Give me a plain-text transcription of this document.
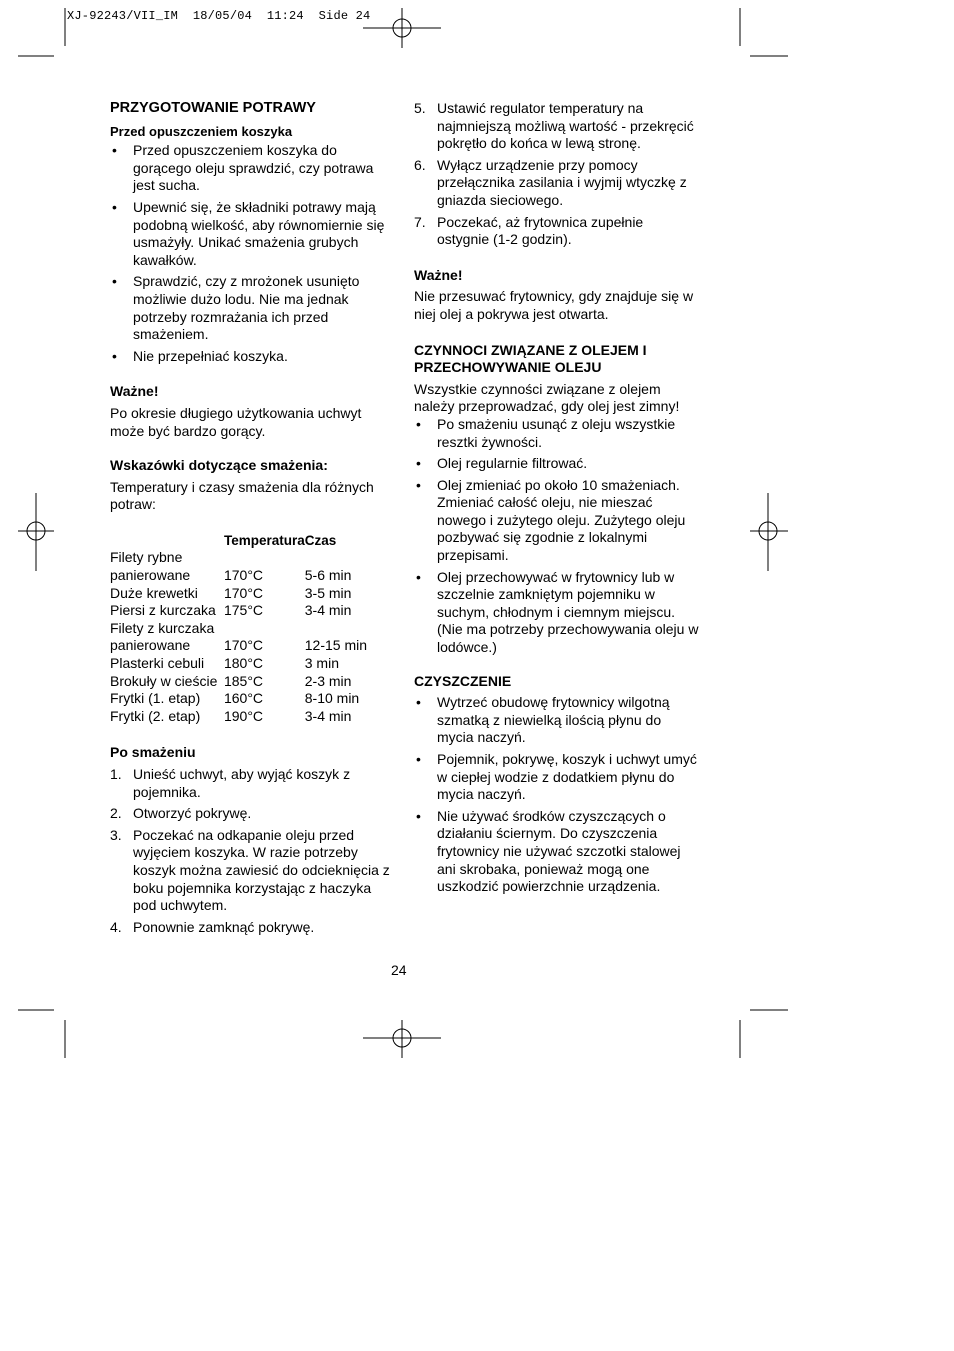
XJ-92243/VII_IM  18/05/04  11:24  Side 24
PRZYGOTOWANIE POTRAWY
Przed opuszczeniem koszyka
• Przed opuszczeniem koszyka do gorącego oleju sprawdzić, czy potrawa jest sucha.
• Upewnić się, że składniki potrawy mają podobną wielkość, aby równomiernie się usmażyły. Unikać smażenia grubych kawałków.
• Sprawdzić, czy z mrożonek usunięto możliwie dużo lodu. Nie ma jednak potrzeby rozmrażania ich przed smażeniem.
• Nie przepełniać koszyka.
Ważne!

Po okresie długiego użytkowania uchwyt może być bardzo gorący.

Wskazówki dotyczące smażenia:

Temperatury i czasy smażenia dla różnych potraw:

	Temperatura	Czas
Filety rybne		
panierowane	170°C	5-6 min
Duże krewetki	170°C	3-5 min
Piersi z kurczaka	175°C	3-4 min
Filety z kurczaka		
panierowane	170°C	12-15 min
Plasterki cebuli	180°C	3 min
Brokuły w cieście	185°C	2-3 min
Frytki (1. etap)	160°C	8-10 min
Frytki (2. etap)	190°C	3-4 min
Po smażeniu
1. Unieść uchwyt, aby wyjąć koszyk z pojemnika.
2. Otworzyć pokrywę.
3. Poczekać na odkapanie oleju przed wyjęciem koszyka. W razie potrzeby koszyk można zawiesić do odcieknięcia z boku pojemnika korzystając z haczyka pod uchwytem.
4. Ponownie zamknąć pokrywę.
5. Ustawić regulator temperatury na najmniejszą możliwą wartość - przekręcić pokrętło do końca w lewą stronę.
6. Wyłącz urządzenie przy pomocy przełącznika zasilania i wyjmij wtyczkę z gniazda sieciowego.
7. Poczekać, aż frytownica zupełnie ostygnie (1-2 godzin).
Ważne!

Nie przesuwać frytownicy, gdy znajduje się w niej olej a pokrywa jest otwarta.

CZYNNOCI ZWIĄZANE Z OLEJEM I PRZECHOWYWANIE OLEJU

Wszystkie czynności związane z olejem należy przeprowadzać, gdy olej jest zimny!

• Po smażeniu usunąć z oleju wszystkie resztki żywności.
• Olej regularnie filtrować.
• Olej zmieniać po około 10 smażeniach. Zmieniać całość oleju, nie mieszać nowego i zużytego oleju. Zużytego oleju pozbywać się zgodnie z lokalnymi przepisami.
• Olej przechowywać w frytownicy lub w szczelnie zamkniętym pojemniku w suchym, chłodnym i ciemnym miejscu. (Nie ma potrzeby przechowywania oleju w lodówce.)
CZYSZCZENIE
• Wytrzeć obudowę frytownicy wilgotną szmatką z niewielką ilością płynu do mycia naczyń.
• Pojemnik, pokrywę, koszyk i uchwyt umyć w ciepłej wodzie z dodatkiem płynu do mycia naczyń.
• Nie używać środków czyszczących o działaniu ściernym. Do czyszczenia frytownicy nie używać szczotki stalowej ani skrobaka, ponieważ mogą one uszkodzić powierzchnie urządzenia.
24
